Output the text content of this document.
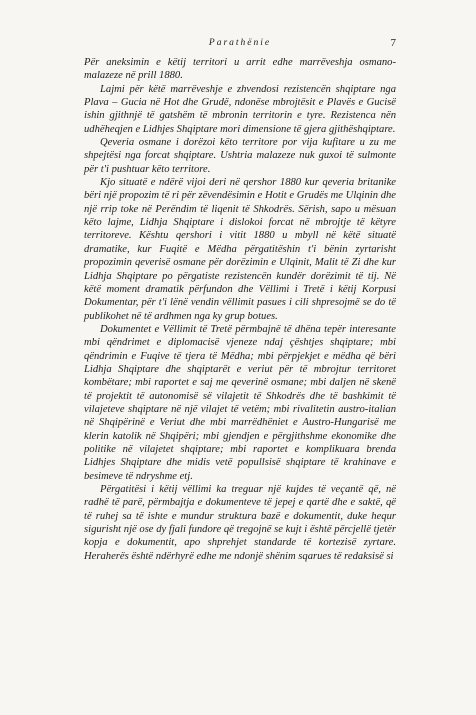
Parathënie	7

Për aneksimin e këtij territori u arrit edhe marrëveshja osmano-malazeze në prill 1880.

Lajmi për këtë marrëveshje e zhvendosi rezistencën shqiptare nga Plava – Gucia në Hot dhe Grudë, ndonëse mbrojtësit e Plavës e Gucisë ishin gjithnjë të gatshëm të mbronin territorin e tyre. Rezistenca nën udhëheqjen e Lidhjes Shqiptare mori dimensione të gjera gjithëshqiptare.

Qeveria osmane i dorëzoi këto territore por vija kufitare u zu me shpejtësi nga forcat shqiptare. Ushtria malazeze nuk guxoi të sulmonte për t'i pushtuar këto territore.

Kjo situatë e ndërë vijoi deri në qershor 1880 kur qeveria britanike bëri një propozim të ri për zëvendësimin e Hotit e Grudës me Ulqinin dhe një rrip toke në Perëndim të liqenit të Shkodrës. Sërish, sapo u mësuan këto lajme, Lidhja Shqiptare i dislokoi forcat në mbrojtje të këtyre territoreve. Kështu qershori i vitit 1880 u mbyll në këtë situatë dramatike, kur Fuqitë e Mëdha përgatitëshin t'i bënin zyrtarisht propozimin qeverisë osmane për dorëzimin e Ulqinit, Malit të Zi dhe kur Lidhja Shqiptare po përgatiste rezistencën kundër dorëzimit të tij. Në këtë moment dramatik përfundon dhe Vëllimi i Tretë i këtij Korpusi Dokumentar, për t'i lënë vendin vëllimit pasues i cili shpresojmë se do të publikohet në të ardhmen nga ky grup botues.

Dokumentet e Vëllimit të Tretë përmbajnë të dhëna tepër interesante mbi qëndrimet e diplomacisë vjeneze ndaj çështjes shqiptare; mbi qëndrimin e Fuqive të tjera të Mëdha; mbi përpjekjet e mëdha që bëri Lidhja Shqiptare dhe shqiptarët e veriut për të mbrojtur territoret kombëtare; mbi raportet e saj me qeverinë osmane; mbi daljen në skenë të projektit të autonomisë së vilajetit të Shkodrës dhe të bashkimit të vilajeteve shqiptare në një vilajet të vetëm; mbi rivalitetin austro-italian në Shqipërinë e Veriut dhe mbi marrëdhëniet e Austro-Hungarisë me klerin katolik në Shqipëri; mbi gjendjen e përgjithshme ekonomike dhe politike në vilajetet shqiptare; mbi raportet e komplikuara brenda Lidhjes Shqiptare dhe midis vetë popullsisë shqiptare të krahinave e besimeve të ndryshme etj.

Përgatitësi i këtij vëllimi ka treguar një kujdes të veçantë që, në radhë të parë, përmbajtja e dokumenteve të jepej e qartë dhe e saktë, që të ruhej sa të ishte e mundur struktura bazë e dokumentit, duke hequr sigurisht një ose dy fjali fundore që tregojnë se kujt i është përcjellë tjetër kopja e dokumentit, apo shprehjet standarde të kortezisë zyrtare. Heraherës është ndërhyrë edhe me ndonjë shënim sqarues të redaksisë si
